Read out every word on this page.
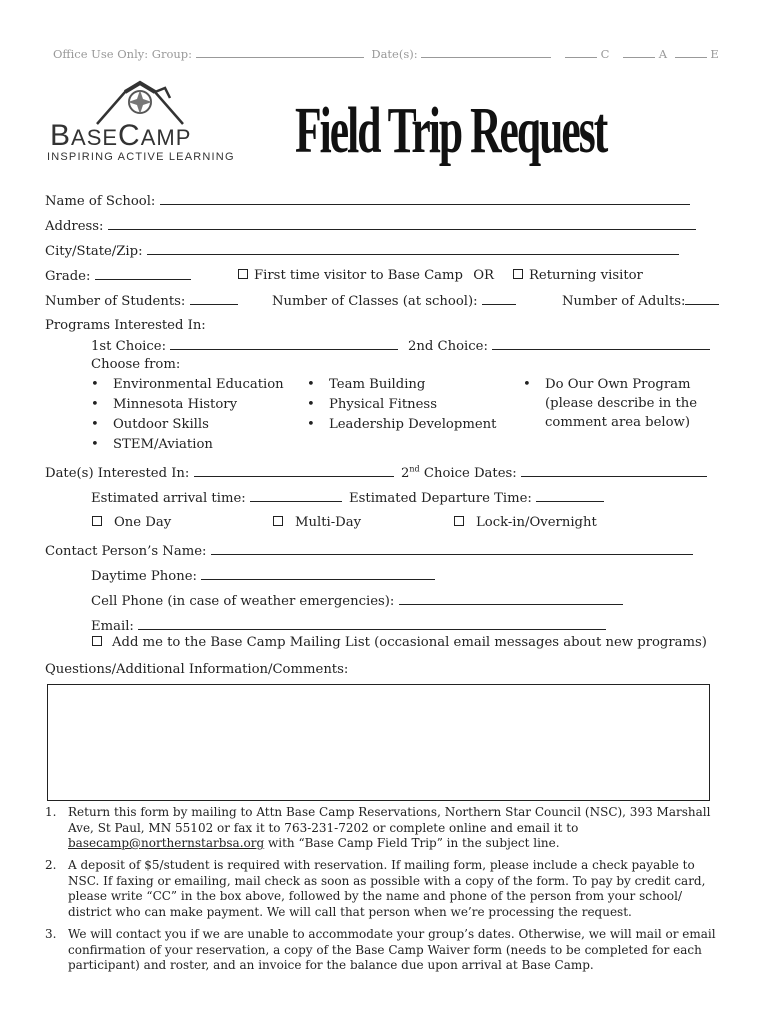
Office Use Only: Group:	Date(s):	C	A	E
BASECAMP
INSPIRING ACTIVE LEARNING Field Trip Request
Name of School:
Address:
City/State/Zip:
Grade:	First time visitor to Base Camp OR	Returning visitor
Number of Students:	Number of Classes (at school):	Number of Adults:
Programs Interested In:
1st Choice:	2nd Choice:
Choose from:
• Environmental Education
• Minnesota History
• Outdoor Skills
• STEM/Aviation
• Team Building
• Physical Fitness
• Leadership Development
• Do Our Own Program
(please describe in the
comment area below)
Date(s) Interested In:	2nd Choice Dates:
Estimated arrival time:	Estimated Departure Time:
One Day	Multi-Day	Lock-in/Overnight
Contact Person’s Name:
Daytime Phone:
Cell Phone (in case of weather emergencies):
Email:
Add me to the Base Camp Mailing List (occasional email messages about new programs)
Questions/Additional Information/Comments:
1. Return this form by mailing to Attn Base Camp Reservations, Northern Star Council (NSC), 393 Marshall Ave, St Paul, MN 55102 or fax it to 763-231-7202 or complete online and email it to basecamp@northernstarbsa.org with “Base Camp Field Trip” in the subject line.
2. A deposit of $5/student is required with reservation. If mailing form, please include a check payable to NSC. If faxing or emailing, mail check as soon as possible with a copy of the form. To pay by credit card, please write “CC” in the box above, followed by the name and phone of the person from your school/ district who can make payment. We will call that person when we’re processing the request.
3. We will contact you if we are unable to accommodate your group’s dates. Otherwise, we will mail or email confirmation of your reservation, a copy of the Base Camp Waiver form (needs to be completed for each participant) and roster, and an invoice for the balance due upon arrival at Base Camp.
